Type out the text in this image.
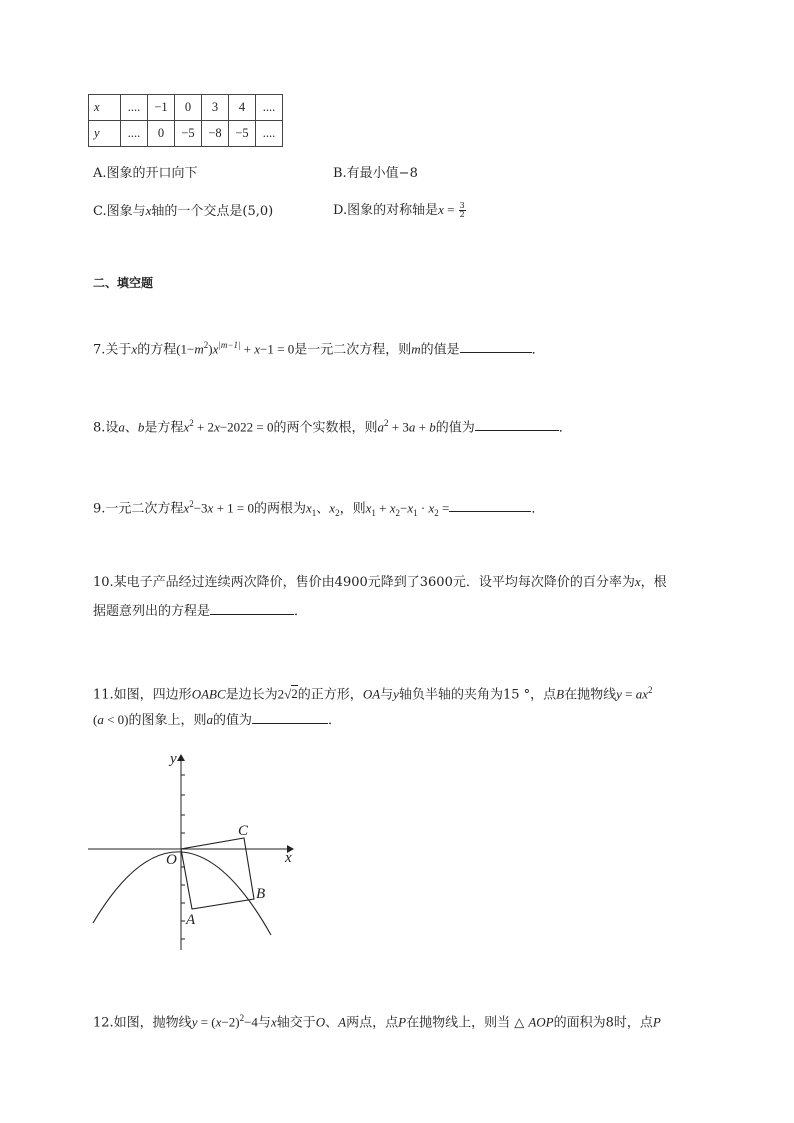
x	....	−1	0	3	4	....
y	....	0	−5	−8	−5	....
A.图象的开口向下	B.有最小值−8
C.图象与x轴的一个交点是(5,0)	D.图象的对称轴是$x = \frac{3}{2}$
二、填空题
7.关于x的方程$(1-m^2)x^{|m-1|} + x-1 = 0$是一元二次方程，则m的值是	．
8.设a、b是方程$x^2 + 2x-2022 = 0$的两个实数根，则$a^2 + 3a + b$的值为	．
9.一元二次方程$x^2-3x + 1 = 0$的两根为$x_1$、$x_2$，则$x_1 + x_2-x_1 \cdot x_2$ =	．
10.某电子产品经过连续两次降价，售价由4900元降到了3600元．设平均每次降价的百分率为x，根
据题意列出的方程是	．
11.如图，四边形OABC是边长为2√2的正方形，OA与y轴负半轴的夹角为15 °，点B在抛物线$y = ax^2$
(a < 0)的图象上，则a的值为	．
y
x
O
A
B
C
12.如图，抛物线$y = (x-2)^2-4$与x轴交于O、A两点，点P在抛物线上，则当 △ AOP的面积为8时，点P
